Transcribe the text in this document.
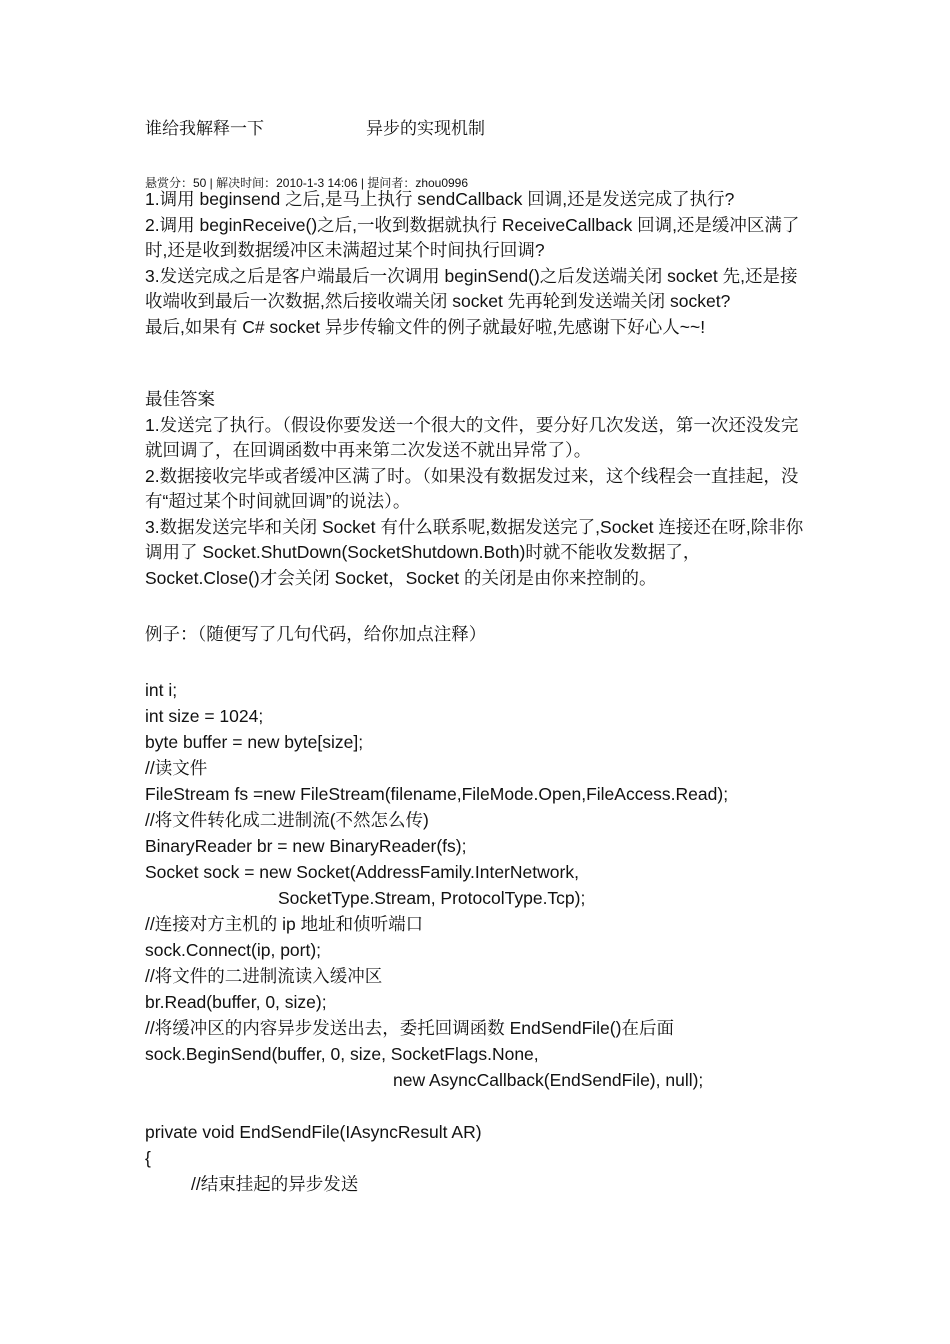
谁给我解释一下	异步的实现机制
悬赏分：50 | 解决时间：2010-1-3 14:06 | 提问者：zhou0996

1.调用 beginsend 之后,是马上执行 sendCallback 回调,还是发送完成了执行?

2.调用 beginReceive()之后,一收到数据就执行 ReceiveCallback 回调,还是缓冲区满了时,还是收到数据缓冲区未满超过某个时间执行回调?

3.发送完成之后是客户端最后一次调用 beginSend()之后发送端关闭 socket 先,还是接收端收到最后一次数据,然后接收端关闭 socket 先再轮到发送端关闭 socket?

最后,如果有 C# socket 异步传输文件的例子就最好啦,先感谢下好心人~~!

最佳答案

1.发送完了执行。（假设你要发送一个很大的文件，要分好几次发送，第一次还没发完就回调了，在回调函数中再来第二次发送不就出异常了）。

2.数据接收完毕或者缓冲区满了时。（如果没有数据发过来，这个线程会一直挂起，没有“超过某个时间就回调”的说法）。

3.数据发送完毕和关闭 Socket 有什么联系呢,数据发送完了,Socket 连接还在呀,除非你调用了 Socket.ShutDown(SocketShutdown.Both)时就不能收发数据了，Socket.Close()才会关闭 Socket，Socket 的关闭是由你来控制的。

例子：（随便写了几句代码，给你加点注释）
int i;
int size = 1024;
byte buffer = new byte[size];
//读文件
FileStream fs =new FileStream(filename,FileMode.Open,FileAccess.Read);
//将文件转化成二进制流(不然怎么传)
BinaryReader br = new BinaryReader(fs);
Socket sock = new Socket(AddressFamily.InterNetwork,
SocketType.Stream, ProtocolType.Tcp);
//连接对方主机的 ip 地址和侦听端口
sock.Connect(ip, port);
//将文件的二进制流读入缓冲区
br.Read(buffer, 0, size);
//将缓冲区的内容异步发送出去，委托回调函数 EndSendFile()在后面
sock.BeginSend(buffer, 0, size, SocketFlags.None,
new AsyncCallback(EndSendFile), null);
private void EndSendFile(IAsyncResult AR)
{
//结束挂起的异步发送
